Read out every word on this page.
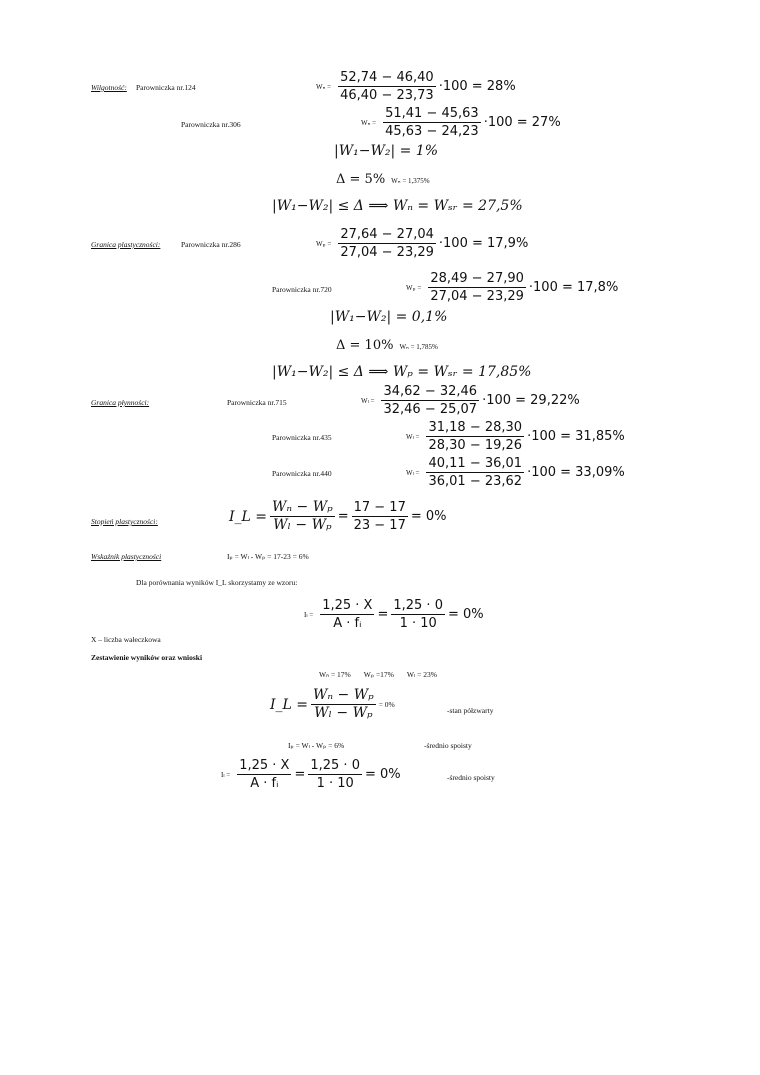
Wilgotność: Parowniczka nr.124	$W_n = \frac{52,74 - 46,40}{46,40 - 23,73} \cdot 100 = 28\%$
Parowniczka nr.306	$W_n = \frac{51,41 - 45,63}{45,63 - 24,23} \cdot 100 = 27\%$
|W₁−W₂| = 1%
Δ = 5% Wₙ = 1,375%
|W₁−W₂| ≤ Δ ⟹ Wₙ = Wₛᵣ = 27,5%
Granica plastyczności:	Parowniczka nr.286	$W_p = \frac{27,64 - 27,04}{27,04 - 23,29} \cdot 100 = 17,9\%$
Parowniczka nr.720	$W_p = \frac{28,49 - 27,90}{27,04 - 23,29} \cdot 100 = 17,8\%$
|W₁−W₂| = 0,1%
Δ = 10% Wₙ = 1,785%
|W₁−W₂| ≤ Δ ⟹ Wₚ = Wₛᵣ = 17,85%
Granica płynności:	Parowniczka nr.715	$W_l = \frac{34,62 - 32,46}{32,46 - 25,07} \cdot 100 = 29,22\%$
Parowniczka nr.435	$W_l = \frac{31,18 - 28,30}{28,30 - 19,26} \cdot 100 = 31,85\%$
Parowniczka nr.440	$W_l = \frac{40,11 - 36,01}{36,01 - 23,62} \cdot 100 = 33,09\%$
Stopień plastyczności:	I_L = $\frac{\text{Wₙ − Wₚ}}{\text{Wₗ − Wₚ}} = \frac{17 - 17}{23 - 17} = 0\%$
Wskaźnik plastyczności	Iₚ = Wₗ - Wₚ = 17-23 = 6%
Dla porównania wyników I_L skorzystamy ze wzoru:
$I_l = \frac{1,25 \cdot X}{\text{A · fᵢ}} = \frac{1,25 \cdot 0}{1 \cdot 10} = 0\%$
X – liczba wałeczkowa
Zestawienie wyników oraz wnioski
Wₙ = 17%       Wₚ =17%       Wₗ = 23%
I_L = $\frac{\text{Wₙ − Wₚ}}{\text{Wₗ − Wₚ}} = 0\%$
-stan półzwarty
Iₚ = Wₗ - Wₚ = 6%	-średnio spoisty
$I_l = \frac{1,25 \cdot X}{\text{A · fᵢ}} = \frac{1,25 \cdot 0}{1 \cdot 10} = 0\%$	-średnio spoisty
